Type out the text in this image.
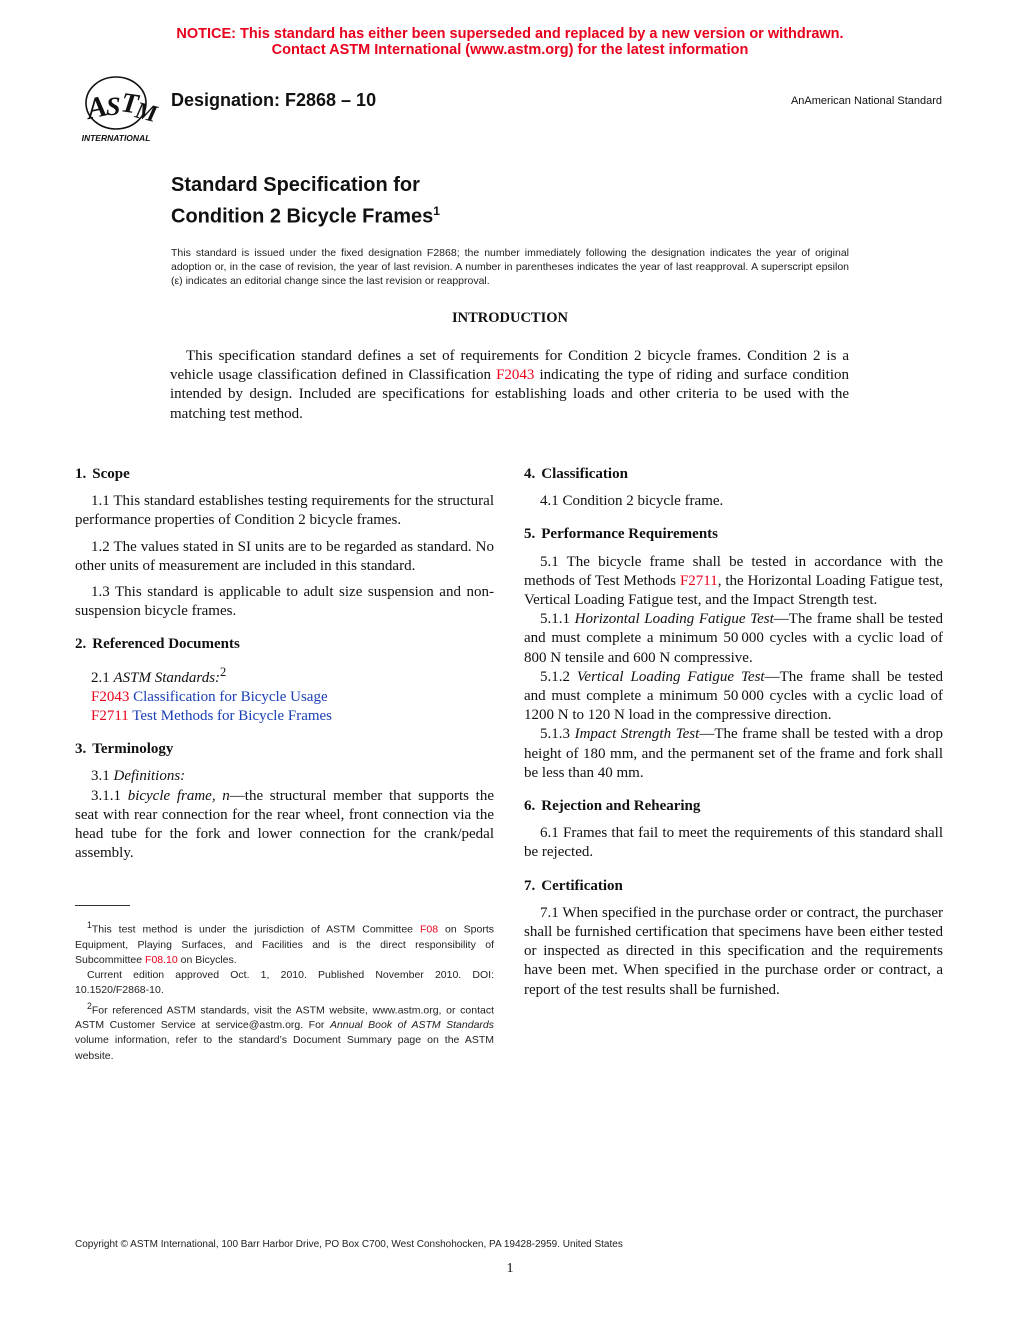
NOTICE: This standard has either been superseded and replaced by a new version or withdrawn.
Contact ASTM International (www.astm.org) for the latest information
A
S
T
M
INTERNATIONAL
Designation: F2868 – 10	AnAmerican National Standard
Standard Specification for
Condition 2 Bicycle Frames$^1$
This standard is issued under the fixed designation F2868; the number immediately following the designation indicates the year of original adoption or, in the case of revision, the year of last revision. A number in parentheses indicates the year of last reapproval. A superscript epsilon (ε) indicates an editorial change since the last revision or reapproval.
INTRODUCTION
This specification standard defines a set of requirements for Condition 2 bicycle frames. Condition 2 is a vehicle usage classification defined in Classification F2043 indicating the type of riding and surface condition intended by design. Included are specifications for establishing loads and other criteria to be used with the matching test method.
1. Scope

1.1 This standard establishes testing requirements for the structural performance properties of Condition 2 bicycle frames.

1.2 The values stated in SI units are to be regarded as standard. No other units of measurement are included in this standard.

1.3 This standard is applicable to adult size suspension and non-suspension bicycle frames.

2. Referenced Documents

2.1 ASTM Standards:$^2$

F2043 Classification for Bicycle Usage
F2711 Test Methods for Bicycle Frames
3. Terminology

3.1 Definitions:

3.1.1 bicycle frame, n—the structural member that supports the seat with rear connection for the rear wheel, front connection via the head tube for the fork and lower connection for the crank/pedal assembly.

$^1$This test method is under the jurisdiction of ASTM Committee F08 on Sports Equipment, Playing Surfaces, and Facilities and is the direct responsibility of Subcommittee F08.10 on Bicycles.

Current edition approved Oct. 1, 2010. Published November 2010. DOI: 10.1520/F2868-10.

$^2$For referenced ASTM standards, visit the ASTM website, www.astm.org, or contact ASTM Customer Service at service@astm.org. For Annual Book of ASTM Standards volume information, refer to the standard’s Document Summary page on the ASTM website.

4. Classification

4.1 Condition 2 bicycle frame.

5. Performance Requirements

5.1 The bicycle frame shall be tested in accordance with the methods of Test Methods F2711, the Horizontal Loading Fatigue test, Vertical Loading Fatigue test, and the Impact Strength test.

5.1.1 Horizontal Loading Fatigue Test—The frame shall be tested and must complete a minimum 50 000 cycles with a cyclic load of 800 N tensile and 600 N compressive.

5.1.2 Vertical Loading Fatigue Test—The frame shall be tested and must complete a minimum 50 000 cycles with a cyclic load of 1200 N to 120 N load in the compressive direction.

5.1.3 Impact Strength Test—The frame shall be tested with a drop height of 180 mm, and the permanent set of the frame and fork shall be less than 40 mm.

6. Rejection and Rehearing

6.1 Frames that fail to meet the requirements of this standard shall be rejected.

7. Certification

7.1 When specified in the purchase order or contract, the purchaser shall be furnished certification that specimens have been either tested or inspected as directed in this specification and the requirements have been met. When specified in the purchase order or contract, a report of the test results shall be furnished.

Copyright © ASTM International, 100 Barr Harbor Drive, PO Box C700, West Conshohocken, PA 19428-2959. United States
1
